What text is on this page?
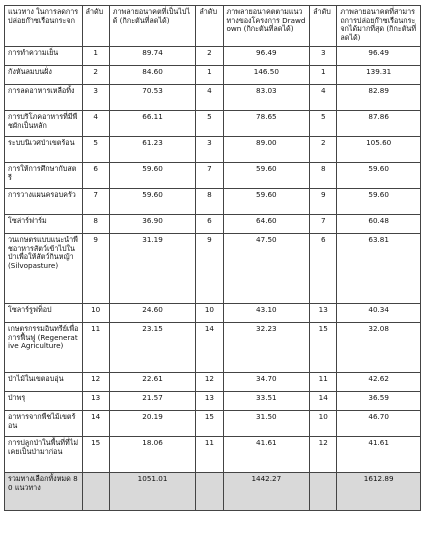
แนวทาง ในการลดการปล่อยก๊าซเรือนกระจก	ลำดับ	ภาพลายอนาคตที่เป็นไปได้ (กิกะตันที่ลดได้)	ลำดับ	ภาพลายอนาคตตามแนวทางของโครงการ Drawdown (กิกะตันที่ลดได้)	ลำดับ	ภาพลายอนาคตที่สามารถการปล่อยก๊าซเรือนกระจกได้มากที่สุด (กิกะตันที่ลดได้)
การทำความเย็น	1	89.74	2	96.49	3	96.49
กังหันลมบนฝั่ง	2	84.60	1	146.50	1	139.31
การลดอาหารเหลือทิ้ง	3	70.53	4	83.03	4	82.89
การบริโภคอาหารที่มีพืชผักเป็นหลัก	4	66.11	5	78.65	5	87.86
ระบบนิเวศป่าเขตร้อน	5	61.23	3	89.00	2	105.60
การให้การศึกษากับสตรี	6	59.60	7	59.60	8	59.60
การวางแผนครอบครัว	7	59.60	8	59.60	9	59.60
โซล่าร์ฟาร์ม	8	36.90	6	64.60	7	60.48
วนเกษตรแบบแนะนำพืชอาหารสัตว์เข้าไปในป่าเพื่อให้สัตว์กินหญ้า (Silvopasture)	9	31.19	9	47.50	6	63.81
โซลาร์รูฟท็อป	10	24.60	10	43.10	13	40.34
เกษตรกรรมอินทรีย์เพื่อการฟื้นฟู (Regenerative Agriculture)	11	23.15	14	32.23	15	32.08
ป่าไม้ในเขตอบอุ่น	12	22.61	12	34.70	11	42.62
ป่าพรุ	13	21.57	13	33.51	14	36.59
อาหารจากพืชไม้เขตร้อน	14	20.19	15	31.50	10	46.70
การปลูกป่าในพื้นที่ที่ไม่เคยเป็นป่ามาก่อน	15	18.06	11	41.61	12	41.61
รวมทางเลือกทั้งหมด 80 แนวทาง		1051.01		1442.27		1612.89
